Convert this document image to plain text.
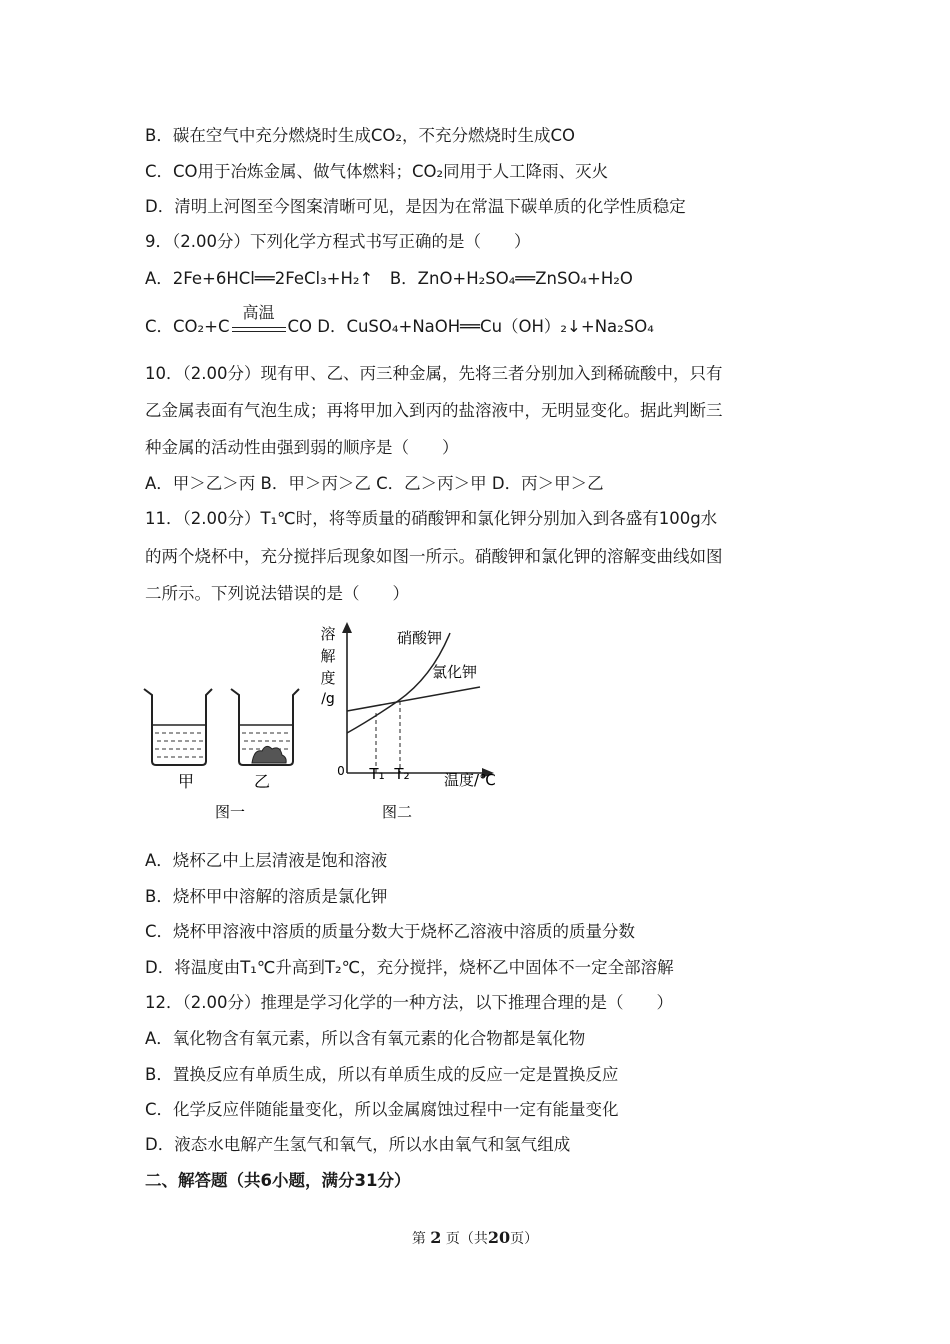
B．碳在空气中充分燃烧时生成CO₂，不充分燃烧时生成CO
C．CO用于冶炼金属、做气体燃料；CO₂同用于人工降雨、灭火
D．清明上河图至今图案清晰可见，是因为在常温下碳单质的化学性质稳定
9．（2.00分）下列化学方程式书写正确的是（　　）
A．2Fe+6HCl══2FeCl₃+H₂↑　B．ZnO+H₂SO₄══ZnSO₄+H₂O
C．CO₂+C
高温
CO D．CuSO₄+NaOH══Cu（OH）₂↓+Na₂SO₄
10．（2.00分）现有甲、乙、丙三种金属，先将三者分别加入到稀硫酸中，只有
乙金属表面有气泡生成；再将甲加入到丙的盐溶液中，无明显变化。据此判断三
种金属的活动性由强到弱的顺序是（　　）
A．甲＞乙＞丙 B．甲＞丙＞乙 C．乙＞丙＞甲 D．丙＞甲＞乙
11．（2.00分）T₁℃时，将等质量的硝酸钾和氯化钾分别加入到各盛有100g水
的两个烧杯中，充分搅拌后现象如图一所示。硝酸钾和氯化钾的溶解变曲线如图
二所示。下列说法错误的是（　　）
甲	乙
图一
溶
解
度
/g
0 T₁ T₂ 温度/℃
硝酸钾
氯化钾
图二
A．烧杯乙中上层清液是饱和溶液
B．烧杯甲中溶解的溶质是氯化钾
C．烧杯甲溶液中溶质的质量分数大于烧杯乙溶液中溶质的质量分数
D．将温度由T₁℃升高到T₂℃，充分搅拌，烧杯乙中固体不一定全部溶解
12．（2.00分）推理是学习化学的一种方法，以下推理合理的是（　　）
A．氧化物含有氧元素，所以含有氧元素的化合物都是氧化物
B．置换反应有单质生成，所以有单质生成的反应一定是置换反应
C．化学反应伴随能量变化，所以金属腐蚀过程中一定有能量变化
D．液态水电解产生氢气和氧气，所以水由氧气和氢气组成
二、解答题（共6小题，满分31分）
第 2 页（共20页）
